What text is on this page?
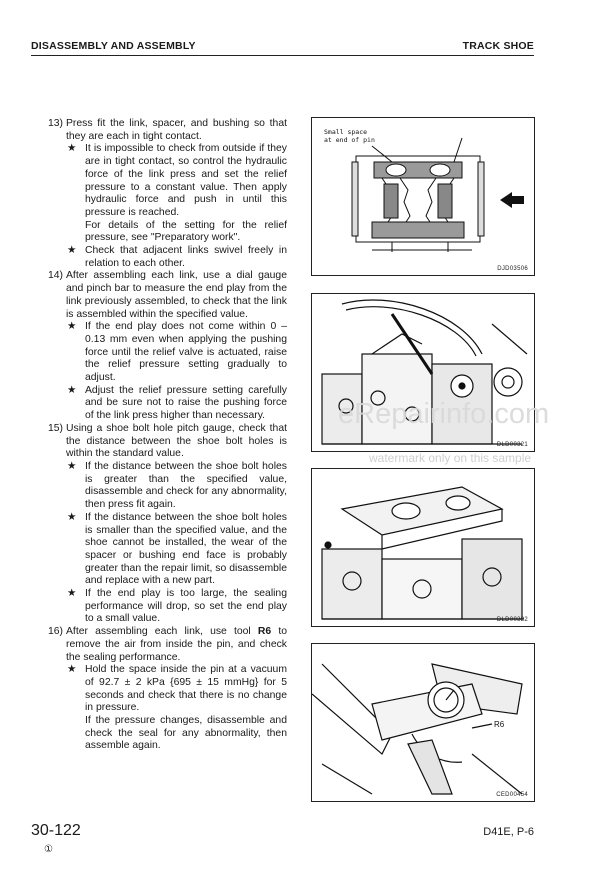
DISASSEMBLY AND ASSEMBLY	TRACK SHOE
13) Press fit the link, spacer, and bushing so that they are each in tight contact.
★ It is impossible to check from outside if they are in tight contact, so control the hydraulic force of the link press and set the relief pressure to a constant value. Then apply hydraulic force and push in until this pressure is reached.
For details of the setting for the relief pressure, see "Preparatory work".
★ Check that adjacent links swivel freely in relation to each other.
14) After assembling each link, use a dial gauge and pinch bar to measure the end play from the link previously assembled, to check that the link is assembled within the specified value.
★ If the end play does not come within 0 – 0.13 mm even when applying the pushing force until the relief valve is actuated, raise the relief pressure setting gradually to adjust.
★ Adjust the relief pressure setting carefully and be sure not to raise the pushing force of the link press higher than necessary.
15) Using a shoe bolt hole pitch gauge, check that the distance between the shoe bolt holes is within the standard value.
★ If the distance between the shoe bolt holes is greater than the specified value, disassemble and check for any abnormality, then press fit again.
★ If the distance between the shoe bolt holes is smaller than the specified value, and the shoe cannot be installed, the wear of the spacer or bushing end face is probably greater than the repair limit, so disassemble and replace with a new part.
★ If the end play is too large, the sealing performance will drop, so set the end play to a small value.
16) After assembling each link, use tool R6 to remove the air from inside the pin, and check the sealing performance.
★ Hold the space inside the pin at a vacuum of 92.7 ± 2 kPa {695 ± 15 mmHg} for 5 seconds and check that there is no change in pressure.
If the pressure changes, disassemble and check the seal for any abnormality, then assemble again.
Small space
at end of pin
DJD03506
DLD00321
DLD00322
R6
CED00454
eRepairinfo.com
watermark only on this sample
30-122
①
D41E, P-6
